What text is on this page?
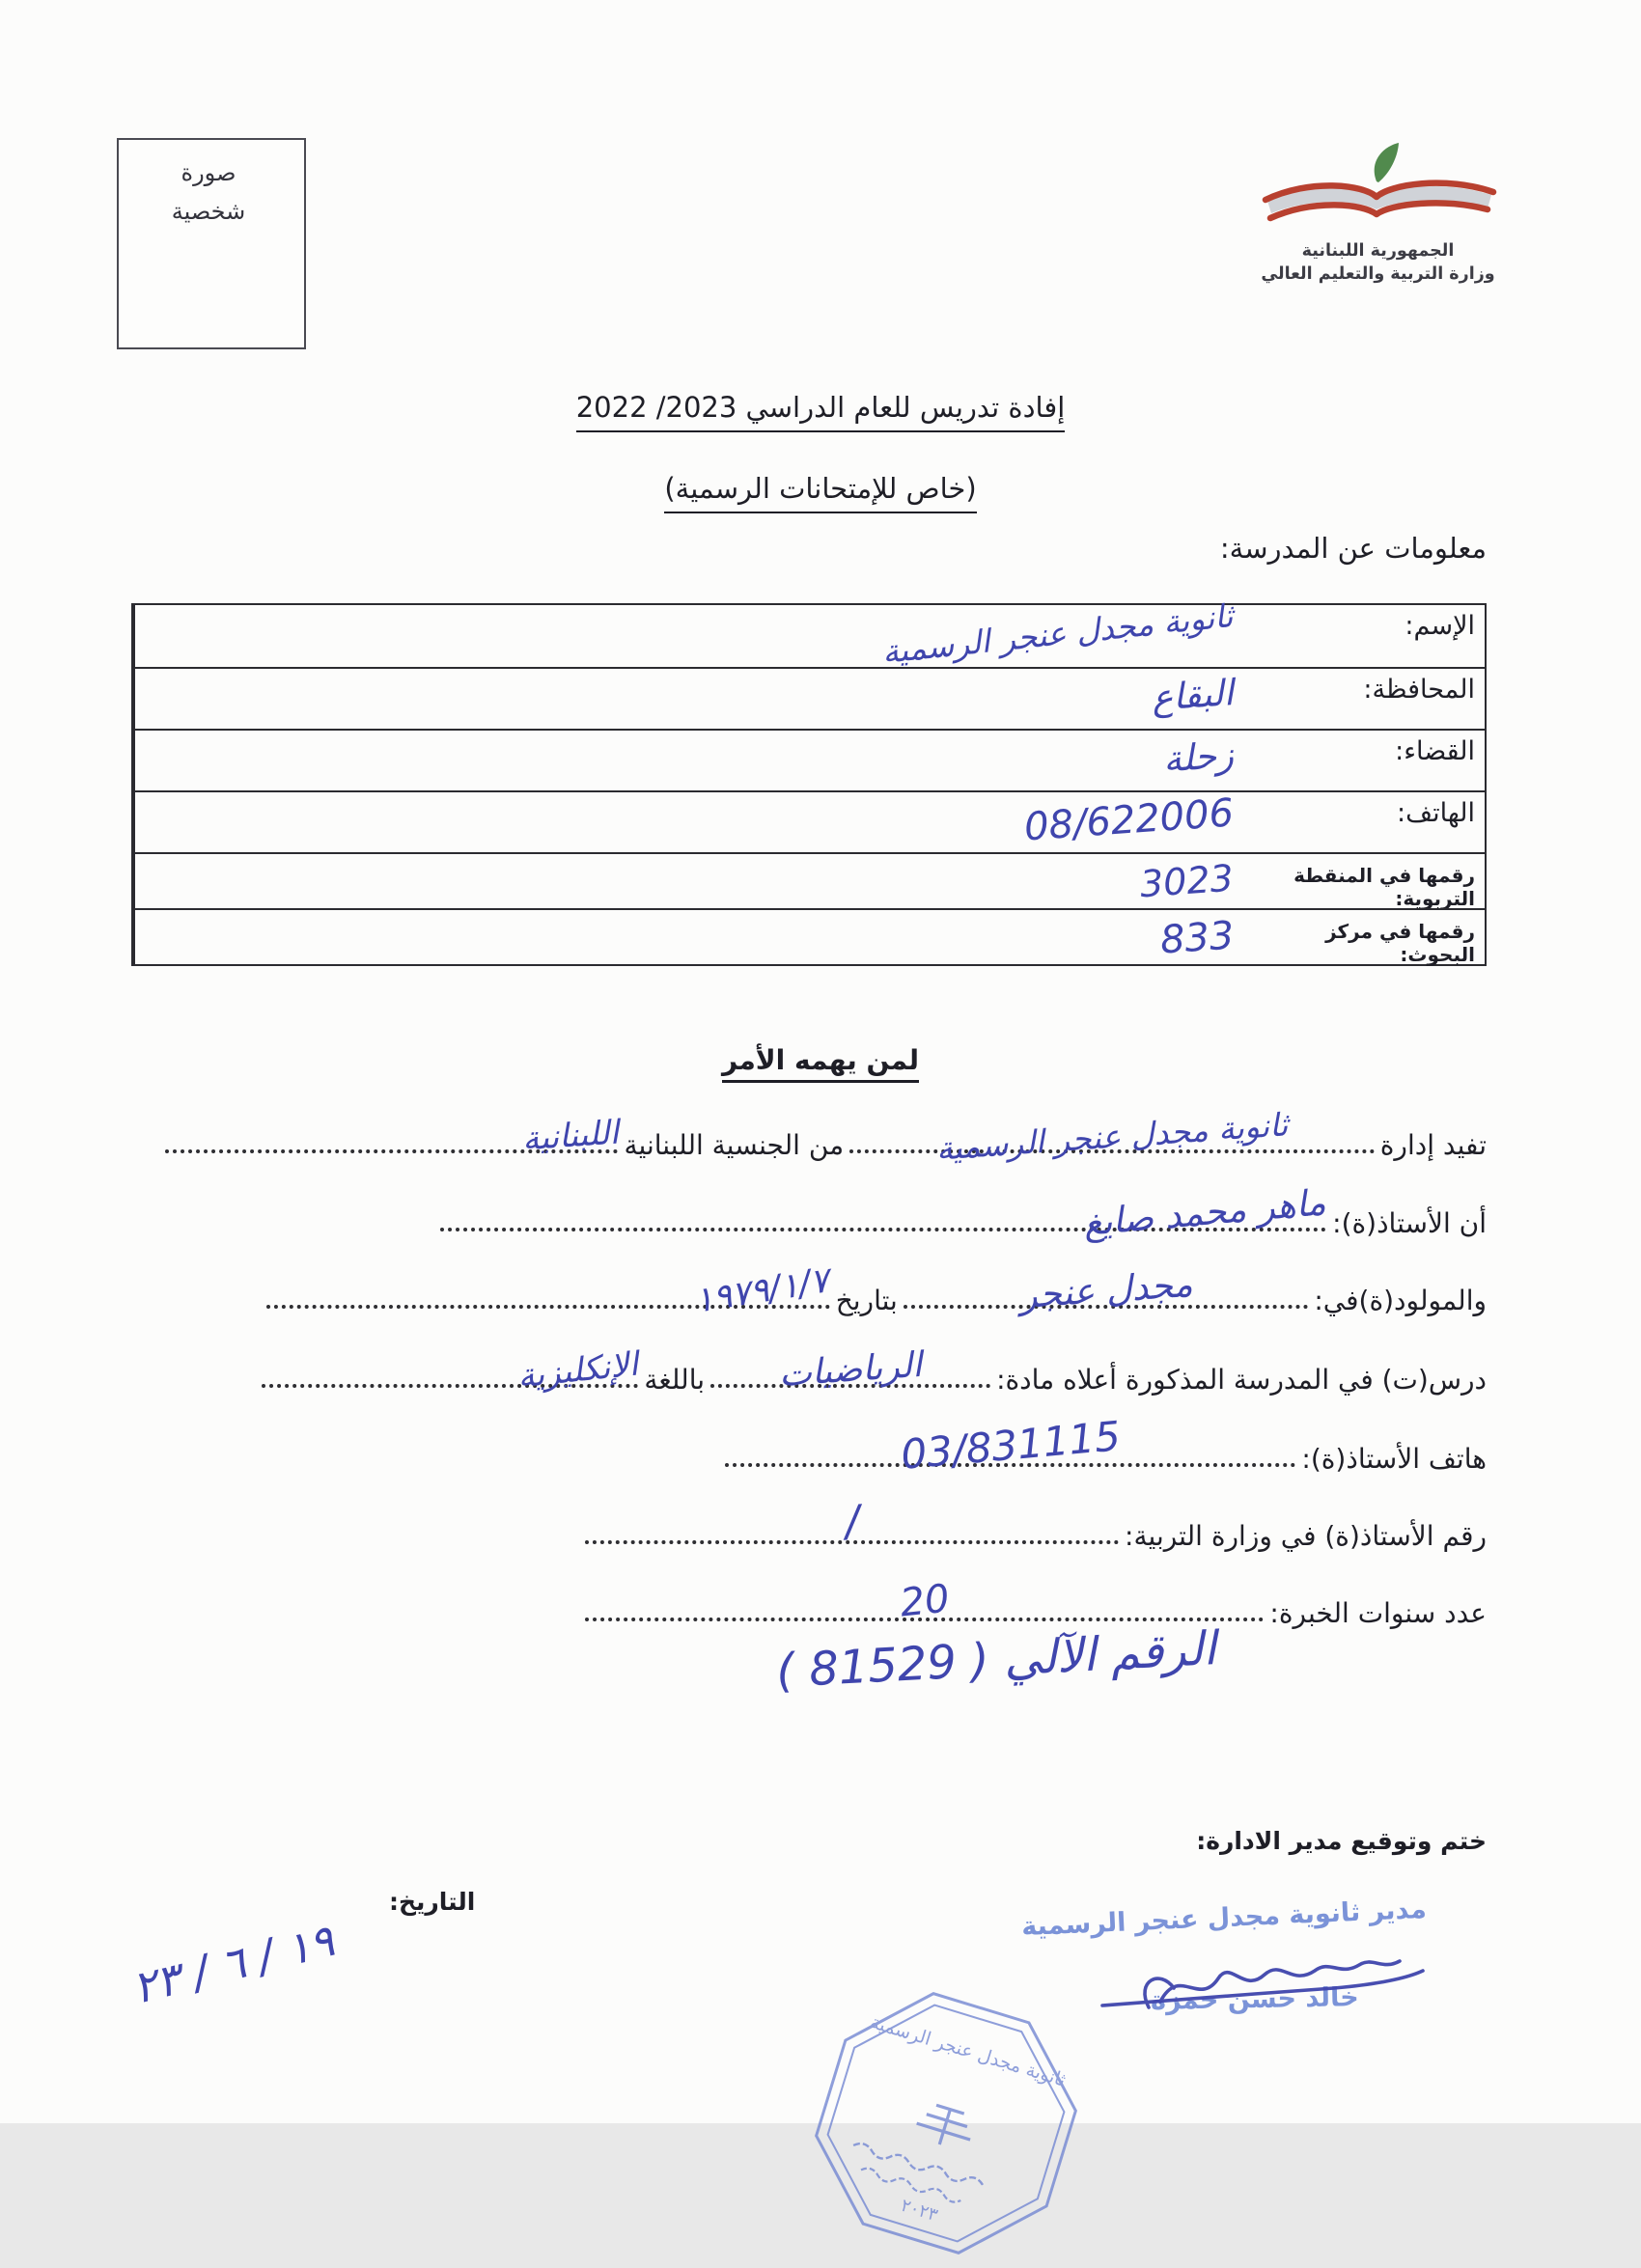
صورة
شخصية
الجمهورية اللبنانية
وزارة التربية والتعليم العالي
إفادة تدريس للعام الدراسي 2022 /2023
(خاص للإمتحانات الرسمية)
معلومات عن المدرسة:
الإسم:
ثانوية مجدل عنجر الرسمية
المحافظة:
البقاع
القضاء:
زحلة
الهاتف:
08/622006
رقمها في المنقطة التربوية:
3023
رقمها في مركز البحوث:
833
لمن يهمه الأمر
تفيد إدارة
ثانوية مجدل عنجر الرسمية
من الجنسية اللبنانية
اللبنانية
أن الأستاذ(ة):
ماهر محمد صايغ
والمولود(ة)في:
مجدل عنجر
بتاريخ
١٩٧٩/١/٧
درس(ت) في المدرسة المذكورة أعلاه مادة:
الرياضيات
باللغة
الإنكليزية
هاتف الأستاذ(ة):
03/831115
رقم الأستاذ(ة) في وزارة التربية:
/
عدد سنوات الخبرة:
20
الرقم الآلي ( 81529 )
ختم وتوقيع مدير الادارة:
مدير ثانوية مجدل عنجر الرسمية
خالد حسن حمزة
التاريخ:
٢٣ / ٦ / ١٩
ثانوية مجدل عنجر الرسمية
٢٠٢٣
